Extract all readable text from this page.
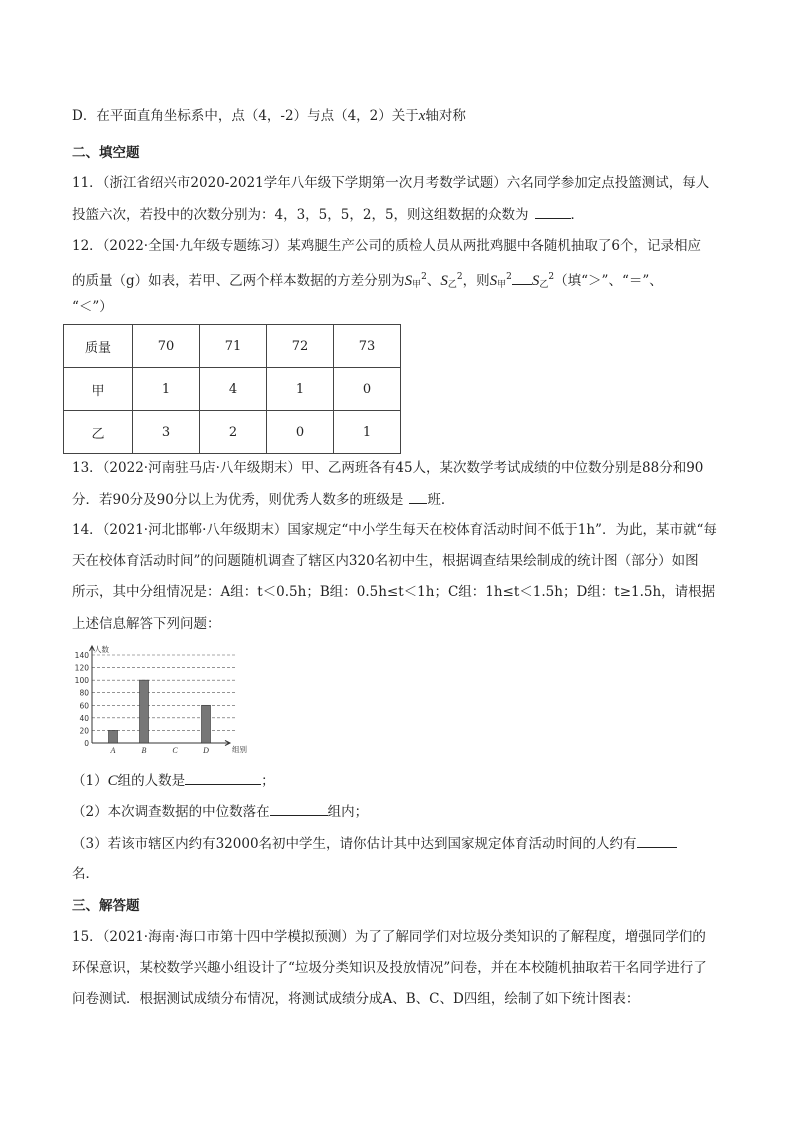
D．在平面直角坐标系中，点（4，-2）与点（4，2）关于x轴对称
二、填空题
11．（浙江省绍兴市2020-2021学年八年级下学期第一次月考数学试题）六名同学参加定点投篮测试，每人
投篮六次，若投中的次数分别为：4，3，5，5，2，5，则这组数据的众数为	．
12．（2022·全国·九年级专题练习）某鸡腿生产公司的质检人员从两批鸡腿中各随机抽取了6个，记录相应
的质量（g）如表，若甲、乙两个样本数据的方差分别为$S_甲^2$、$S_乙^2$，则$S_甲^2$ $S_乙^2$（填“＞”、“＝”、
“＜”）
质量	70	71	72	73
甲	1	4	1	0
乙	3	2	0	1
13．（2022·河南驻马店·八年级期末）甲、乙两班各有45人，某次数学考试成绩的中位数分别是88分和90
分．若90分及90分以上为优秀，则优秀人数多的班级是 班．
14．（2021·河北邯郸·八年级期末）国家规定“中小学生每天在校体育活动时间不低于1h”．为此，某市就“每
天在校体育活动时间”的问题随机调查了辖区内320名初中生，根据调查结果绘制成的统计图（部分）如图
所示，其中分组情况是：A组：t＜0.5h；B组：0.5h≤t＜1h；C组：1h≤t＜1.5h；D组：t≥1.5h，请根据
上述信息解答下列问题：
0
20
40
60
80
100
120
140
人数
组别
A	B	C	D
（1）C组的人数是	；
（2）本次调查数据的中位数落在	组内；
（3）若该市辖区内约有32000名初中学生，请你估计其中达到国家规定体育活动时间的人约有
名．
三、解答题
15．（2021·海南·海口市第十四中学模拟预测）为了了解同学们对垃圾分类知识的了解程度，增强同学们的
环保意识，某校数学兴趣小组设计了“垃圾分类知识及投放情况”问卷，并在本校随机抽取若干名同学进行了
问卷测试．根据测试成绩分布情况，将测试成绩分成A、B、C、D四组，绘制了如下统计图表：
